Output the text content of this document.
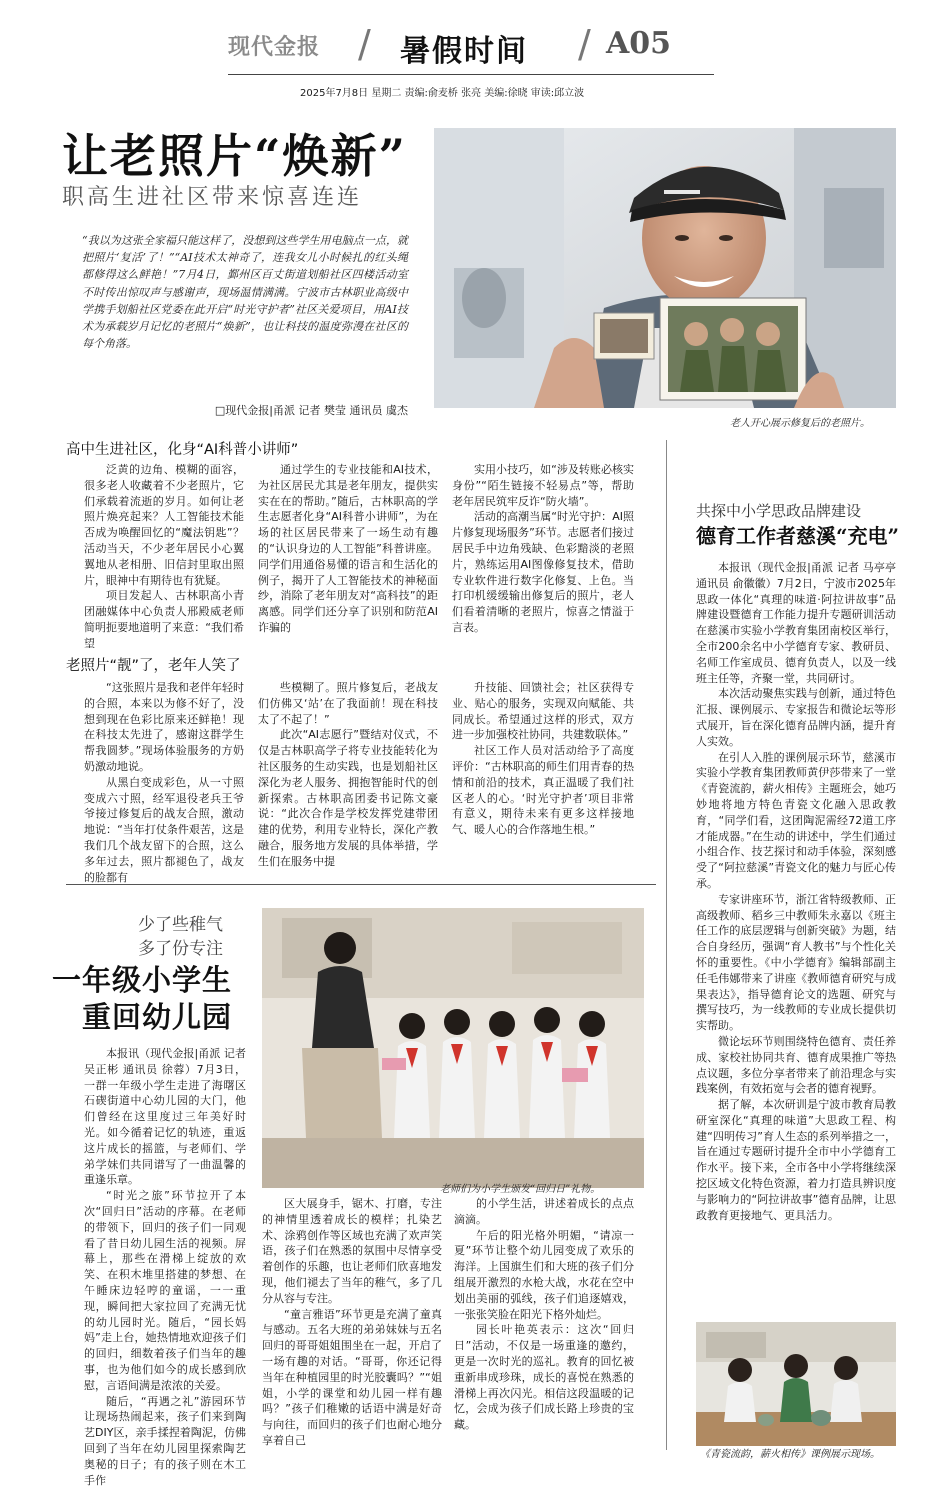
现代金报 / 暑假时间 / A05
2025年7月8日 星期二 责编:俞麦桥 张亮 美编:徐晓 审读:邱立波
让老照片“焕新”
职高生进社区带来惊喜连连
“我以为这张全家福只能这样了，没想到这些学生用电脑点一点，就把照片‘复活’了！”“AI技术太神奇了，连我女儿小时候扎的红头绳都修得这么鲜艳！”7月4日，鄞州区百丈街道划船社区四楼活动室不时传出惊叹声与感谢声，现场温情满满。宁波市古林职业高级中学携手划船社区党委在此开启“时光守护者”社区关爱项目，用AI技术为承载岁月记忆的老照片“焕新”，也让科技的温度弥漫在社区的每个角落。
□现代金报|甬派 记者 樊莹 通讯员 虞杰
老人开心展示修复后的老照片。
高中生进社区，化身“AI科普小讲师”

泛黄的边角、模糊的面容，很多老人收藏着不少老照片，它们承载着流逝的岁月。如何让老照片焕亮起来？人工智能技术能否成为唤醒回忆的“魔法钥匙”？活动当天，不少老年居民小心翼翼地从老相册、旧信封里取出照片，眼神中有期待也有犹疑。

项目发起人、古林职高小青团融媒体中心负责人邢殿威老师简明扼要地道明了来意：“我们希望

通过学生的专业技能和AI技术，为社区居民尤其是老年朋友，提供实实在在的帮助。”随后，古林职高的学生志愿者化身“AI科普小讲师”，为在场的社区居民带来了一场生动有趣的“认识身边的人工智能”科普讲座。同学们用通俗易懂的语言和生活化的例子，揭开了人工智能技术的神秘面纱，消除了老年朋友对“高科技”的距离感。同学们还分享了识别和防范AI诈骗的

实用小技巧，如“涉及转账必核实身份”“陌生链接不轻易点”等，帮助老年居民筑牢反诈“防火墙”。

活动的高潮当属“时光守护：AI照片修复现场服务”环节。志愿者们接过居民手中边角残缺、色彩黯淡的老照片，熟练运用AI图像修复技术，借助专业软件进行数字化修复、上色。当打印机缓缓输出修复后的照片，老人们看着清晰的老照片，惊喜之情溢于言表。

老照片“靓”了，老年人笑了

“这张照片是我和老伴年轻时的合照，本来以为修不好了，没想到现在色彩比原来还鲜艳！现在科技太先进了，感谢这群学生帮我圆梦。”现场体验服务的方奶奶激动地说。

从黑白变成彩色，从一寸照变成六寸照，经军退役老兵王爷爷接过修复后的战友合照，激动地说：“当年打仗条件艰苦，这是我们几个战友留下的合照，这么多年过去，照片都褪色了，战友的脸都有

些模糊了。照片修复后，老战友们仿佛又‘站’在了我面前！现在科技太了不起了！”

此次“AI志愿行”暨结对仪式，不仅是古林职高学子将专业技能转化为社区服务的生动实践，也是划船社区深化为老人服务、拥抱智能时代的创新探索。古林职高团委书记陈文豪说：“此次合作是学校发挥党建带团建的优势，利用专业特长，深化产教融合，服务地方发展的具体举措，学生们在服务中提

升技能、回馈社会；社区获得专业、贴心的服务，实现双向赋能、共同成长。希望通过这样的形式，双方进一步加强校社协同，共建数联体。”

社区工作人员对活动给予了高度评价：“古林职高的师生们用青春的热情和前沿的技术，真正温暖了我们社区老人的心。‘时光守护者’项目非常有意义，期待未来有更多这样接地气、暖人心的合作落地生根。”

共探中小学思政品牌建设
德育工作者慈溪“充电”

本报讯（现代金报|甬派 记者 马亭亭 通讯员 俞徽徽）7月2日，宁波市2025年思政一体化“真理的味道·阿拉讲故事”品牌建设暨德育工作能力提升专题研训活动在慈溪市实验小学教育集团南校区举行，全市200余名中小学德育专家、教研员、名师工作室成员、德育负责人，以及一线班主任等，齐聚一堂，共同研讨。

本次活动聚焦实践与创新，通过特色汇报、课例展示、专家报告和微论坛等形式展开，旨在深化德育品牌内涵，提升育人实效。

在引人入胜的课例展示环节，慈溪市实验小学教育集团教师黄伊莎带来了一堂《青瓷流韵，薪火相传》主题班会，她巧妙地将地方特色青瓷文化融入思政教育，“同学们看，这团陶泥需经72道工序才能成器。”在生动的讲述中，学生们通过小组合作、技艺探讨和动手体验，深刻感受了“阿拉慈溪”青瓷文化的魅力与匠心传承。

专家讲座环节，浙江省特级教师、正高级教师、稻乡三中教师朱永嘉以《班主任工作的底层逻辑与创新突破》为题，结合自身经历，强调“育人教书”与个性化关怀的重要性。《中小学德育》编辑部副主任毛伟娜带来了讲座《教师德育研究与成果表达》，指导德育论文的选题、研究与撰写技巧，为一线教师的专业成长提供切实帮助。

微论坛环节则围绕特色德育、责任养成、家校社协同共育、德育成果推广等热点议题，多位分享者带来了前沿理念与实践案例，有效拓宽与会者的德育视野。

据了解，本次研训是宁波市教育局教研室深化“真理的味道”大思政工程、构建“四明传习”育人生态的系列举措之一，旨在通过专题研讨提升全市中小学德育工作水平。接下来，全市各中小学将继续深挖区域文化特色资源，着力打造具辨识度与影响力的“阿拉讲故事”德育品牌，让思政教育更接地气、更具活力。

《青瓷流韵，薪火相传》课例展示现场。
少了些稚气
多了份专注
一年级小学生
重回幼儿园
老师们为小学生颁发“回归日”礼物。

本报讯（现代金报|甬派 记者 吴正彬 通讯员 徐蓉）7月3日，一群一年级小学生走进了海曙区石碶街道中心幼儿园的大门，他们曾经在这里度过三年美好时光。如今循着记忆的轨迹，重返这片成长的摇篮，与老师们、学弟学妹们共同谱写了一曲温馨的重逢乐章。

“时光之旅”环节拉开了本次“回归日”活动的序幕。在老师的带领下，回归的孩子们一同观看了昔日幼儿园生活的视频。屏幕上，那些在滑梯上绽放的欢笑、在积木堆里搭建的梦想、在午睡床边轻哼的童谣，一一重现，瞬间把大家拉回了充满无忧的幼儿园时光。随后，“园长妈妈”走上台，她热情地欢迎孩子们的回归，细数着孩子们当年的趣事，也为他们如今的成长感到欣慰，言语间满是浓浓的关爱。

随后，“再遇之礼”游园环节让现场热闹起来，孩子们来到陶艺DIY区，亲手揉捏着陶泥，仿佛回到了当年在幼儿园里探索陶艺奥秘的日子；有的孩子则在木工手作

区大展身手，锯木、打磨，专注的神情里透着成长的模样；扎染艺术、涂鸦创作等区域也充满了欢声笑语，孩子们在熟悉的氛围中尽情享受着创作的乐趣，也让老师们欣喜地发现，他们褪去了当年的稚气，多了几分从容与专注。

“童言雅语”环节更是充满了童真与感动。五名大班的弟弟妹妹与五名回归的哥哥姐姐围坐在一起，开启了一场有趣的对话。“哥哥，你还记得当年在种植园里的时光胶囊吗？”“姐姐，小学的课堂和幼儿园一样有趣吗？”孩子们稚嫩的话语中满是好奇与向往，而回归的孩子们也耐心地分享着自己

的小学生活，讲述着成长的点点滴滴。

午后的阳光格外明媚，“请凉一夏”环节让整个幼儿园变成了欢乐的海洋。上国旗生们和大班的孩子们分组展开激烈的水枪大战，水花在空中划出美丽的弧线，孩子们追逐嬉戏，一张张笑脸在阳光下格外灿烂。

园长叶艳英表示：这次“回归日”活动，不仅是一场重逢的邀约，更是一次时光的巡礼。教育的回忆被重新串成珍珠，成长的喜悦在熟悉的滑梯上再次闪光。相信这段温暖的记忆，会成为孩子们成长路上珍贵的宝藏。
